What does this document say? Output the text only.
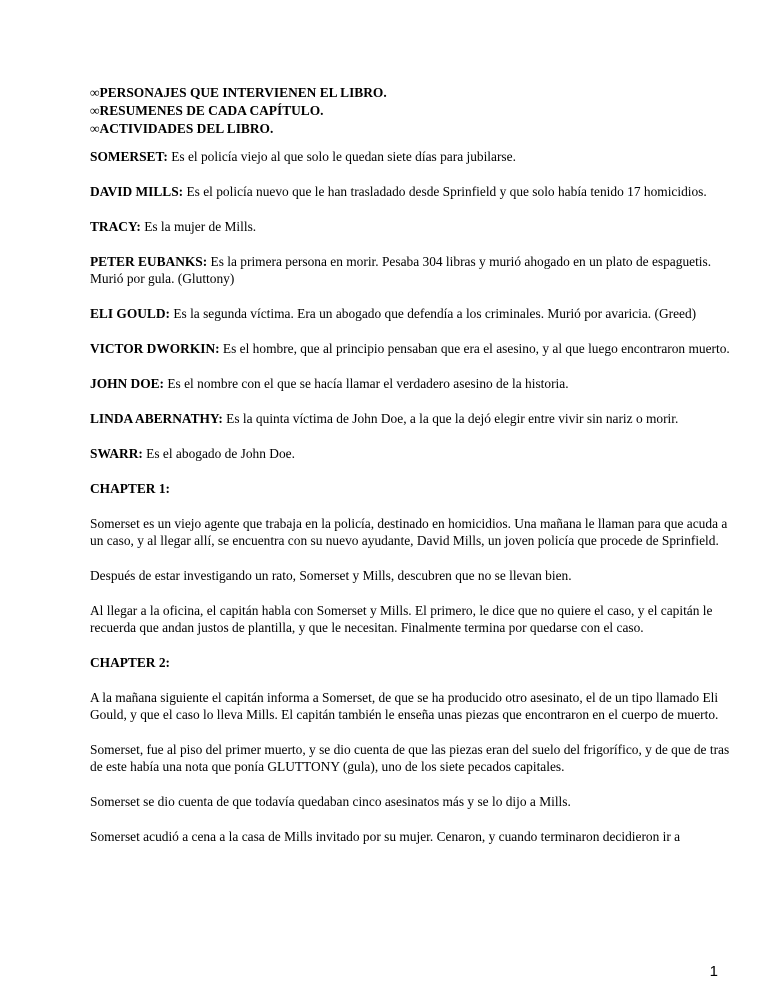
∞PERSONAJES QUE INTERVIENEN EL LIBRO.
∞RESUMENES DE CADA CAPÍTULO.
∞ACTIVIDADES DEL LIBRO.
SOMERSET: Es el policía viejo al que solo le quedan siete días para jubilarse.
DAVID MILLS: Es el policía nuevo que le han trasladado desde Sprinfield y que solo había tenido 17 homicidios.
TRACY: Es la mujer de Mills.
PETER EUBANKS: Es la primera persona en morir. Pesaba 304 libras y murió ahogado en un plato de espaguetis. Murió por gula. (Gluttony)
ELI GOULD: Es la segunda víctima. Era un abogado que defendía a los criminales. Murió por avaricia. (Greed)
VICTOR DWORKIN: Es el hombre, que al principio pensaban que era el asesino, y al que luego encontraron muerto.
JOHN DOE: Es el nombre con el que se hacía llamar el verdadero asesino de la historia.
LINDA ABERNATHY: Es la quinta víctima de John Doe, a la que la dejó elegir entre vivir sin nariz o morir.
SWARR: Es el abogado de John Doe.
CHAPTER 1:
Somerset es un viejo agente que trabaja en la policía, destinado en homicidios. Una mañana le llaman para que acuda a un caso, y al llegar allí, se encuentra con su nuevo ayudante, David Mills, un joven policía que procede de Sprinfield.
Después de estar investigando un rato, Somerset y Mills, descubren que no se llevan bien.
Al llegar a la oficina, el capitán habla con Somerset y Mills. El primero, le dice que no quiere el caso, y el capitán le recuerda que andan justos de plantilla, y que le necesitan. Finalmente termina por quedarse con el caso.
CHAPTER 2:
A la mañana siguiente el capitán informa a Somerset, de que se ha producido otro asesinato, el de un tipo llamado Eli Gould, y que el caso lo lleva Mills. El capitán también le enseña unas piezas que encontraron en el cuerpo de muerto.
Somerset, fue al piso del primer muerto, y se dio cuenta de que las piezas eran del suelo del frigorífico, y de que de tras de este había una nota que ponía GLUTTONY (gula), uno de los siete pecados capitales.
Somerset se dio cuenta de que todavía quedaban cinco asesinatos más y se lo dijo a Mills.
Somerset acudió a cena a la casa de Mills invitado por su mujer. Cenaron, y cuando terminaron decidieron ir a
1
